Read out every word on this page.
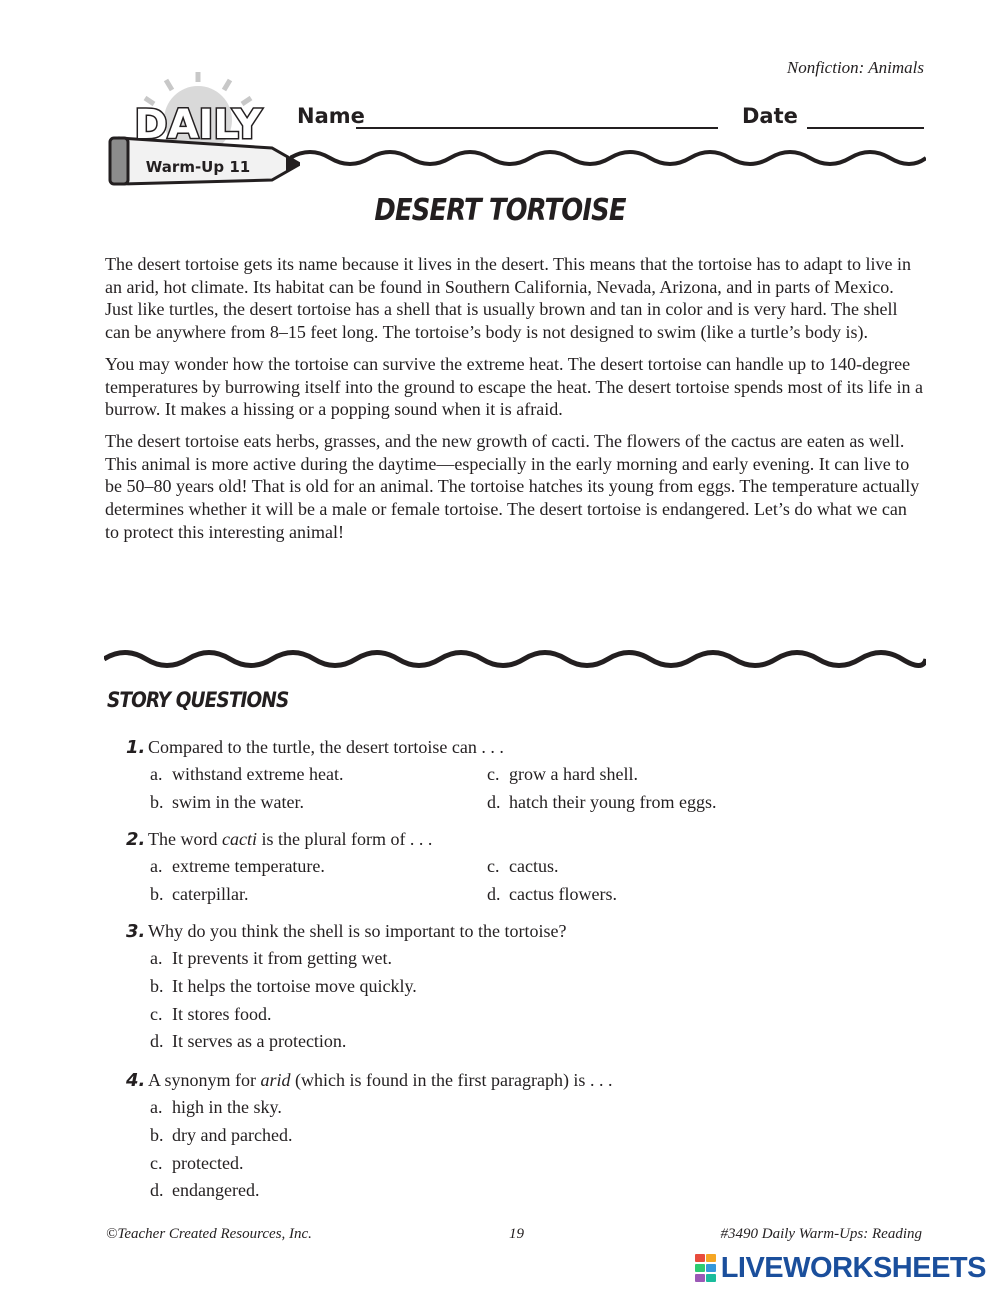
Nonfiction: Animals
DAILY
Warm-Up 11
Name	Date
DESERT TORTOISE

The desert tortoise gets its name because it lives in the desert. This means that the tortoise has to adapt to live in an arid, hot climate. Its habitat can be found in Southern California, Nevada, Arizona, and in parts of Mexico. Just like turtles, the desert tortoise has a shell that is usually brown and tan in color and is very hard. The shell can be anywhere from 8–15 feet long. The tortoise’s body is not designed to swim (like a turtle’s body is).

You may wonder how the tortoise can survive the extreme heat. The desert tortoise can handle up to 140-degree temperatures by burrowing itself into the ground to escape the heat. The desert tortoise spends most of its life in a burrow. It makes a hissing or a popping sound when it is afraid.

The desert tortoise eats herbs, grasses, and the new growth of cacti. The flowers of the cactus are eaten as well. This animal is more active during the daytime—especially in the early morning and early evening. It can live to be 50–80 years old! That is old for an animal. The tortoise hatches its young from eggs. The temperature actually determines whether it will be a male or female tortoise. The desert tortoise is endangered. Let’s do what we can to protect this interesting animal!

STORY QUESTIONS
1. Compared to the turtle, the desert tortoise can . . .
a. withstand extreme heat.	c. grow a hard shell.
b. swim in the water.	d. hatch their young from eggs.
2. The word cacti is the plural form of . . .
a. extreme temperature.	c. cactus.
b. caterpillar.	d. cactus flowers.
3. Why do you think the shell is so important to the tortoise?
a. It prevents it from getting wet.
b. It helps the tortoise move quickly.
c. It stores food.
d. It serves as a protection.
4. A synonym for arid (which is found in the first paragraph) is . . .
a. high in the sky.
b. dry and parched.
c. protected.
d. endangered.
©Teacher Created Resources, Inc.	19	#3490 Daily Warm-Ups: Reading
LIVEWORKSHEETS
